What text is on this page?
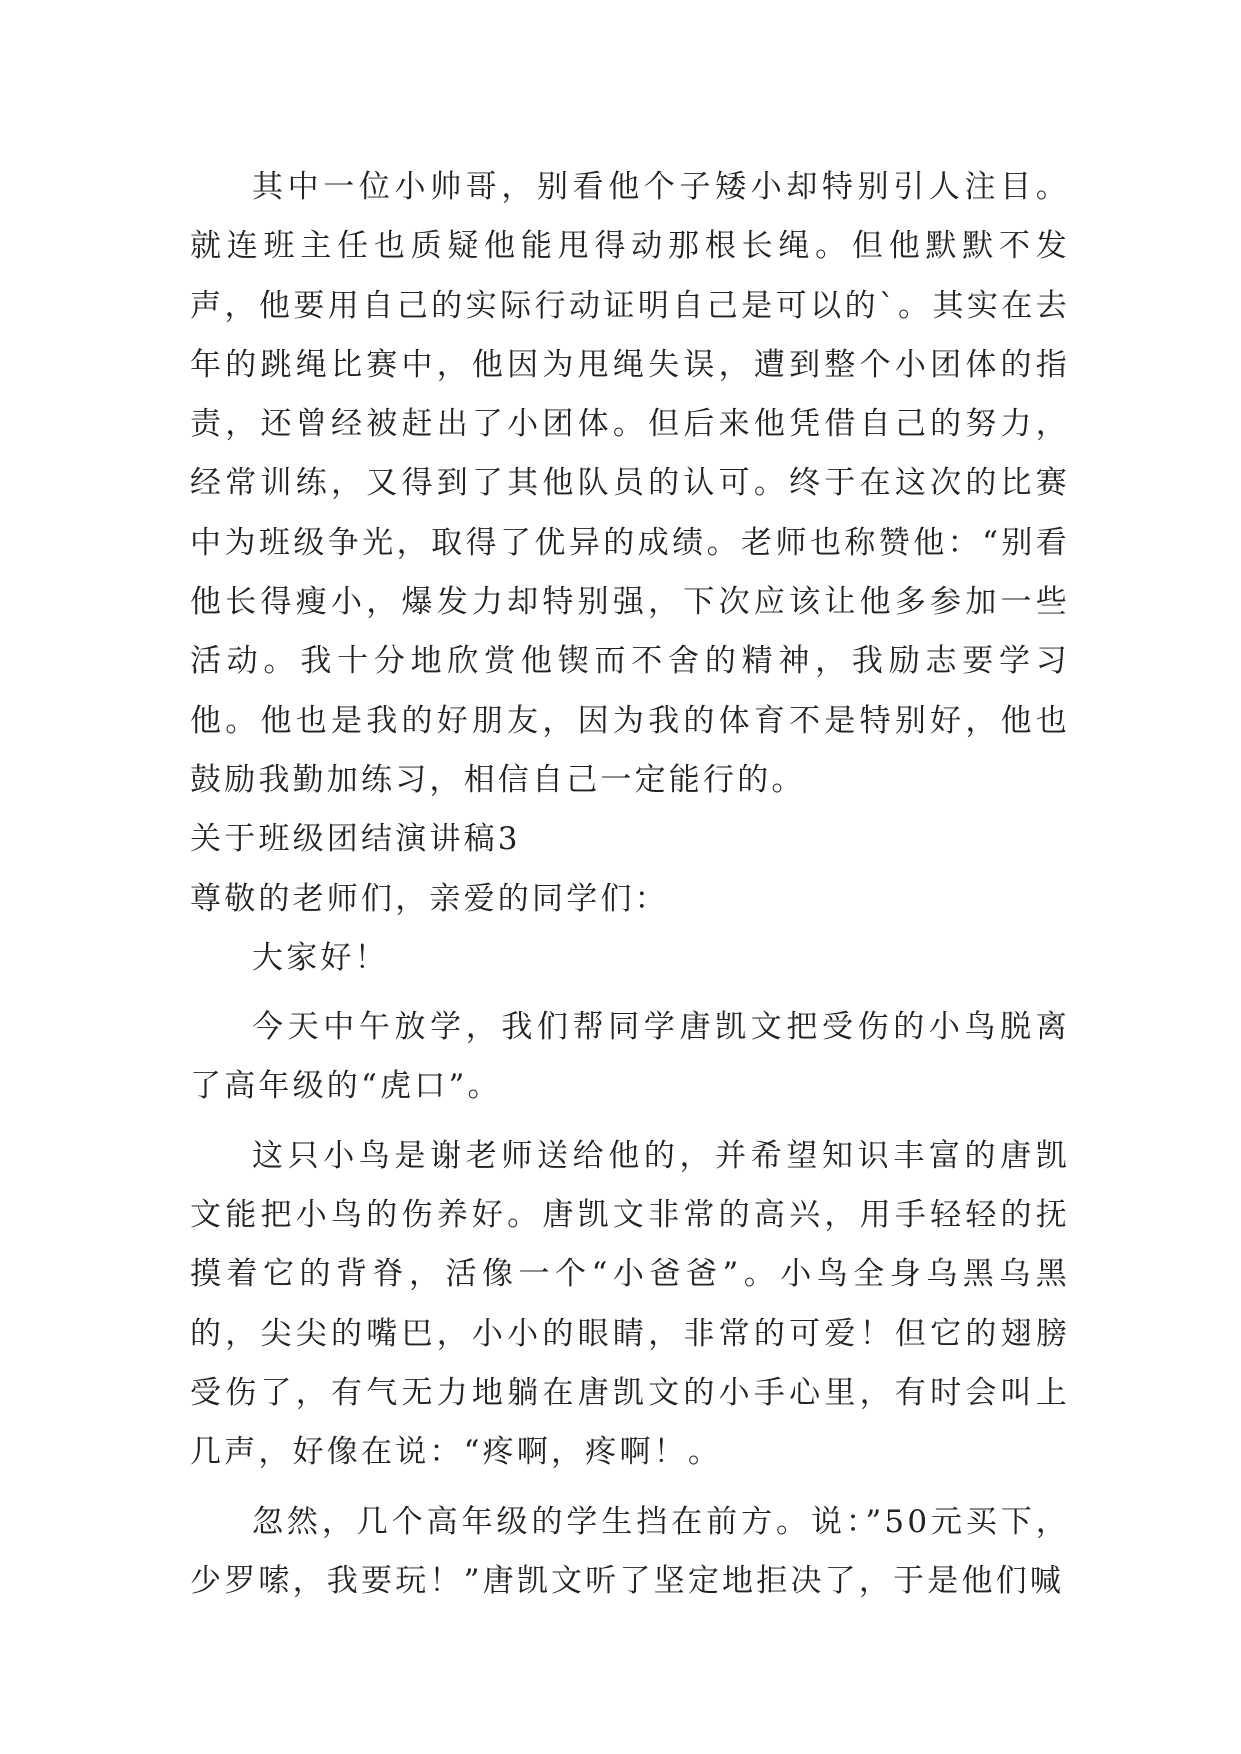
其中一位小帅哥，别看他个子矮小却特别引人注目。就连班主任也质疑他能甩得动那根长绳。但他默默不发声，他要用自己的实际行动证明自己是可以的`。其实在去年的跳绳比赛中，他因为甩绳失误，遭到整个小团体的指责，还曾经被赶出了小团体。但后来他凭借自己的努力，经常训练，又得到了其他队员的认可。终于在这次的比赛中为班级争光，取得了优异的成绩。老师也称赞他：“别看他长得瘦小，爆发力却特别强，下次应该让他多参加一些活动。我十分地欣赏他锲而不舍的精神，我励志要学习他。他也是我的好朋友，因为我的体育不是特别好，他也鼓励我勤加练习，相信自己一定能行的。

关于班级团结演讲稿3

尊敬的老师们，亲爱的同学们：

大家好！

今天中午放学，我们帮同学唐凯文把受伤的小鸟脱离了高年级的“虎口”。

这只小鸟是谢老师送给他的，并希望知识丰富的唐凯文能把小鸟的伤养好。唐凯文非常的高兴，用手轻轻的抚摸着它的背脊，活像一个“小爸爸”。小鸟全身乌黑乌黑的，尖尖的嘴巴，小小的眼睛，非常的可爱！但它的翅膀受伤了，有气无力地躺在唐凯文的小手心里，有时会叫上几声，好像在说：“疼啊，疼啊！。

忽然，几个高年级的学生挡在前方。说：”50元买下，少罗嗦，我要玩！”唐凯文听了坚定地拒决了，于是他们喊
